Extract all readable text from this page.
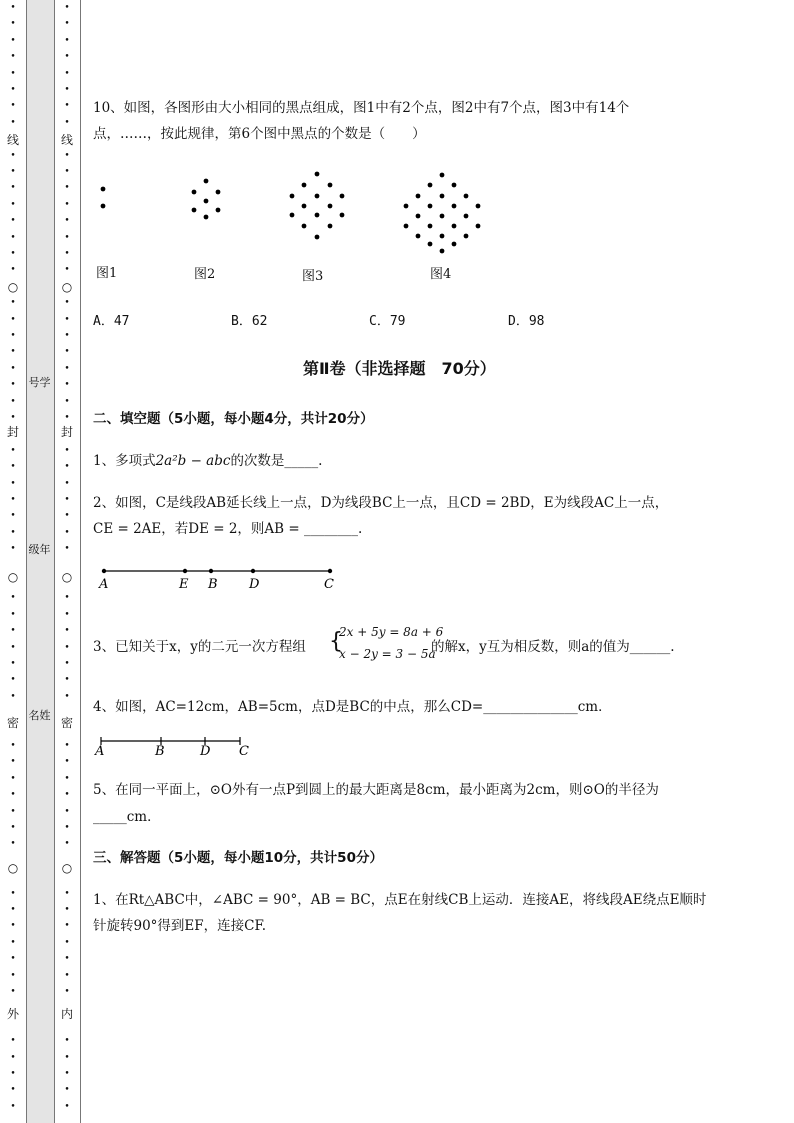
•
•
•
•
•
•
•
•
•
•
•
•
•
•
•
•
•
•
•
•
•
•
•
•
•
•
•
•
•
•
•
•
•
•
•
•
•
•
•
•
•
•
•
•
•
•
•
•
•
•
•
•
•
•
•
•
•
线
○
封
○
密
○
外
•
•
•
•
•
•
•
•
•
•
•
•
•
•
•
•
•
•
•
•
•
•
•
•
•
•
•
•
•
•
•
•
•
•
•
•
•
•
•
•
•
•
•
•
•
•
•
•
•
•
•
•
•
•
•
•
•
线
○
封
○
密
○
内
号学
级年
名姓
10、如图，各图形由大小相同的黑点组成，图1中有2个点，图2中有7个点，图3中有14个
点，……，按此规律，第6个图中黑点的个数是（　　）
图1	图2	图3	图4
A．47	B．62	C．79	D．98
第Ⅱ卷（非选择题　70分）
二、填空题（5小题，每小题4分，共计20分）
1、多项式2a²b − abc的次数是_____.
2、如图，C是线段AB延长线上一点，D为线段BC上一点，且CD = 2BD，E为线段AC上一点，
CE = 2AE，若DE = 2，则AB = ________.
A	E B D	C
3、已知关于x，y的二元一次方程组 {
2x + 5y = 8a + 6
x − 2y = 3 − 5a
的解x，y互为相反数，则a的值为______.
4、如图，AC=12cm，AB=5cm，点D是BC的中点，那么CD=______________cm．
A	B	D C
5、在同一平面上，⊙O外有一点P到圆上的最大距离是8cm，最小距离为2cm，则⊙O的半径为
_____cm．
三、解答题（5小题，每小题10分，共计50分）
1、在Rt△ABC中，∠ABC = 90°，AB = BC，点E在射线CB上运动．连接AE，将线段AE绕点E顺时
针旋转90°得到EF，连接CF.
